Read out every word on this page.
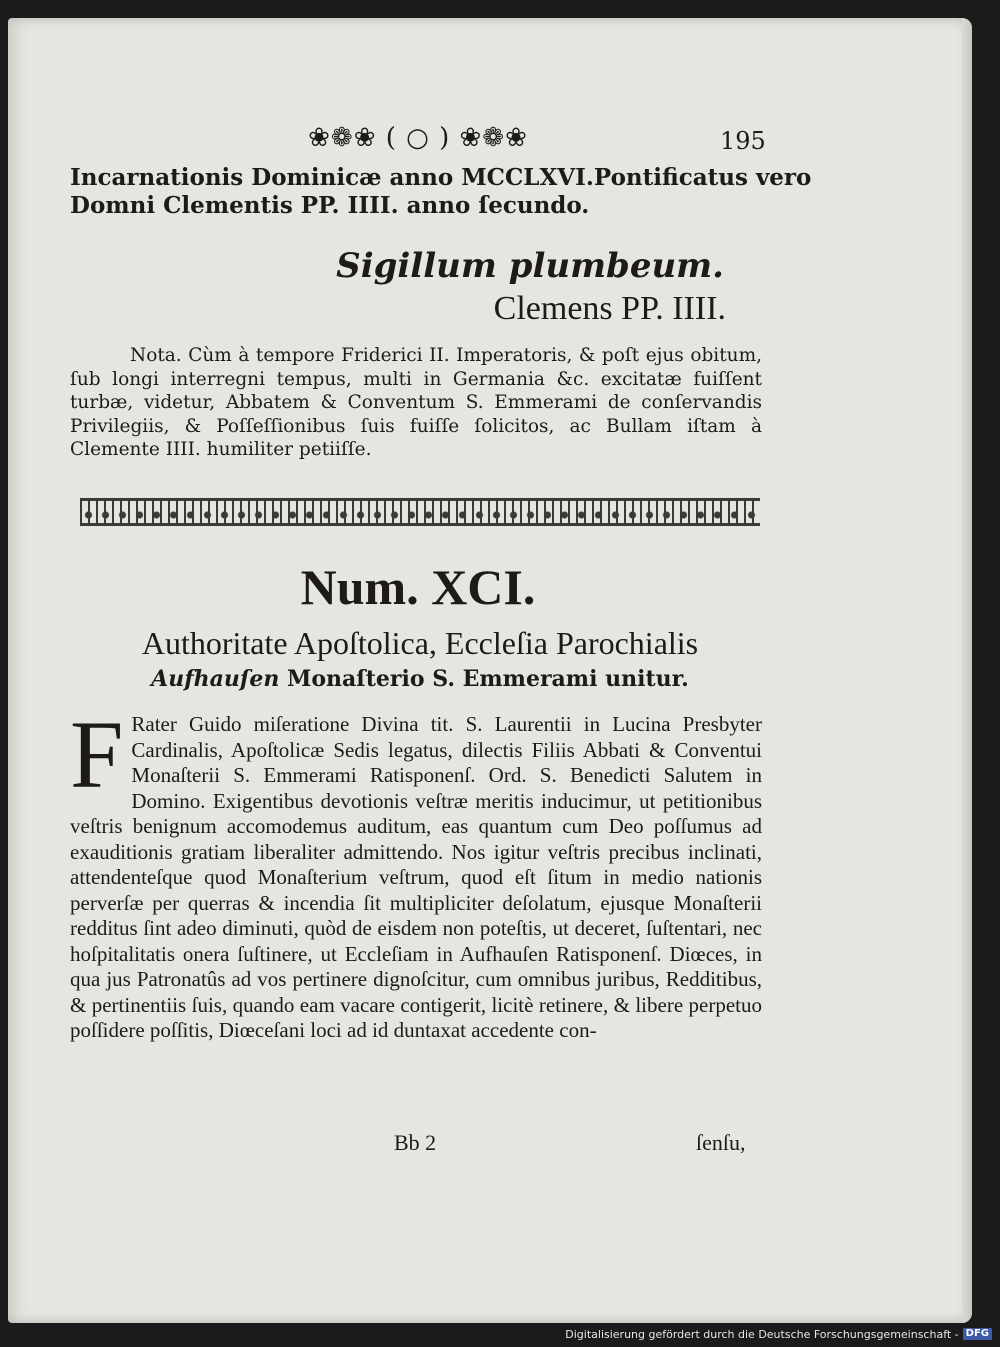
❀❁❀ ( ○ ) ❀❁❀	195
Incarnationis Dominicæ anno MCCLXVI. Pontificatus vero
Domni Clementis PP. IIII. anno ſecundo.
Sigillum plumbeum.
Clemens PP. IIII.

Nota. Cùm à tempore Friderici II. Imperatoris, & poſt ejus obitum, ſub longi interregni tempus, multi in Germania &c. excitatæ fuiſſent turbæ, videtur, Abbatem & Conventum S. Emmerami de conſervandis Privilegiis, & Poſſeſſionibus ſuis fuiſſe ſolicitos, ac Bullam iſtam à Clemente IIII. humiliter petiiſſe.

Num. XCI.
Authoritate Apoſtolica, Eccleſia Parochialis
Aufhauſen Monaſterio S. Emmerami unitur.
F Rater Guido miſeratione Divina tit. S. Laurentii in Lucina Presbyter Cardinalis, Apoſtolicæ Sedis legatus, dilectis Filiis Abbati & Conventui Monaſterii S. Emmerami Ratisponenſ. Ord. S. Benedicti Salutem in Domino. Exigentibus devotionis veſtræ meritis inducimur, ut petitionibus veſtris benignum accomodemus auditum, eas quantum cum Deo poſſumus ad exauditionis gratiam liberaliter admittendo. Nos igitur veſtris precibus inclinati, attendenteſque quod Monaſterium veſtrum, quod eſt ſitum in medio nationis perverſæ per querras & incendia ſit multipliciter deſolatum, ejusque Monaſterii redditus ſint adeo diminuti, quòd de eisdem non poteſtis, ut deceret, ſuſtentari, nec hoſpitalitatis onera ſuſtinere, ut Eccleſiam in Aufhauſen Ratisponenſ. Diœces, in qua jus Patronatûs ad vos pertinere dignoſcitur, cum omnibus juribus, Redditibus, & pertinentiis ſuis, quando eam vacare contigerit, licitè retinere, & libere perpetuo poſſidere poſſitis, Diœceſani loci ad id duntaxat accedente con-

Bb 2	ſenſu,
Digitalisierung gefördert durch die Deutsche Forschungsgemeinschaft - DFG
